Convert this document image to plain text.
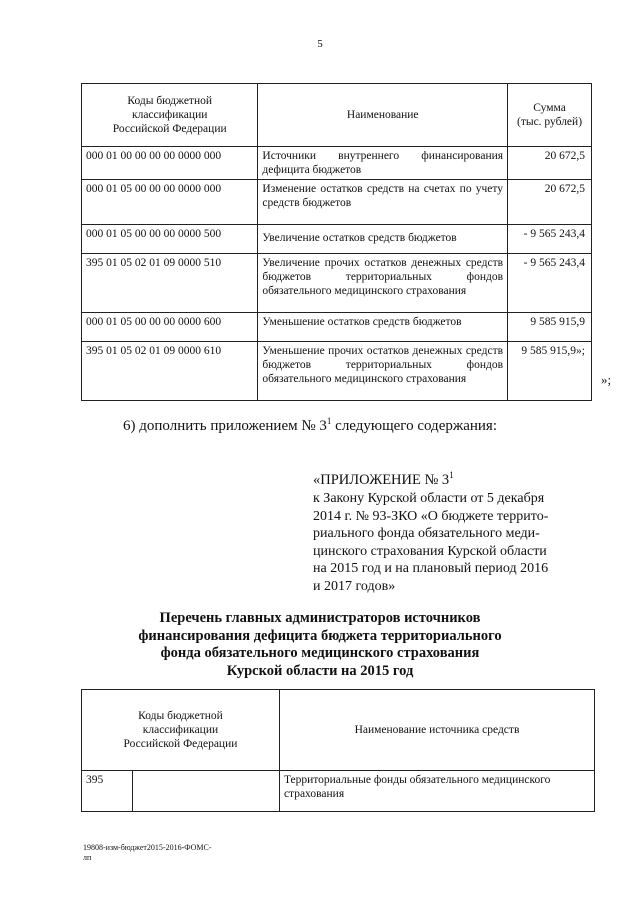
5
Коды бюджетной
классификации
Российской Федерации	Наименование	Сумма
(тыс. рублей)
000 01 00 00 00 00 0000 000	Источники внутреннего финансирования дефицита бюджетов	20 672,5
000 01 05 00 00 00 0000 000	Изменение остатков средств на счетах по учету средств бюджетов	20 672,5
000 01 05 00 00 00 0000 500	Увеличение остатков средств бюджетов	- 9 565 243,4
395 01 05 02 01 09 0000 510	Увеличение прочих остатков денежных средств бюджетов территориальных фондов обязательного медицинского страхования	- 9 565 243,4
000 01 05 00 00 00 0000 600	Уменьшение остатков средств бюджетов	9 585 915,9
395 01 05 02 01 09 0000 610	Уменьшение прочих остатков денежных средств бюджетов территориальных фондов обязательного медицинского страхования	9 585 915,9»;
»;
6) дополнить приложением № $3^1$ следующего содержания:
«ПРИЛОЖЕНИЕ № $3^1$
к Закону Курской области от 5 декабря
2014 г. № 93-ЗКО «О бюджете террито-
риального фонда обязательного меди-
цинского страхования Курской области
на 2015 год и на плановый период 2016
и 2017 годов»
Перечень главных администраторов источников
финансирования дефицита бюджета территориального
фонда обязательного медицинского страхования
Курской области на 2015 год
Коды бюджетной
классификации
Российской Федерации		Наименование источника средств
395		Территориальные фонды обязательного медицинского страхования
19808-изм-бюджет2015-2016-ФОМС-
лп
